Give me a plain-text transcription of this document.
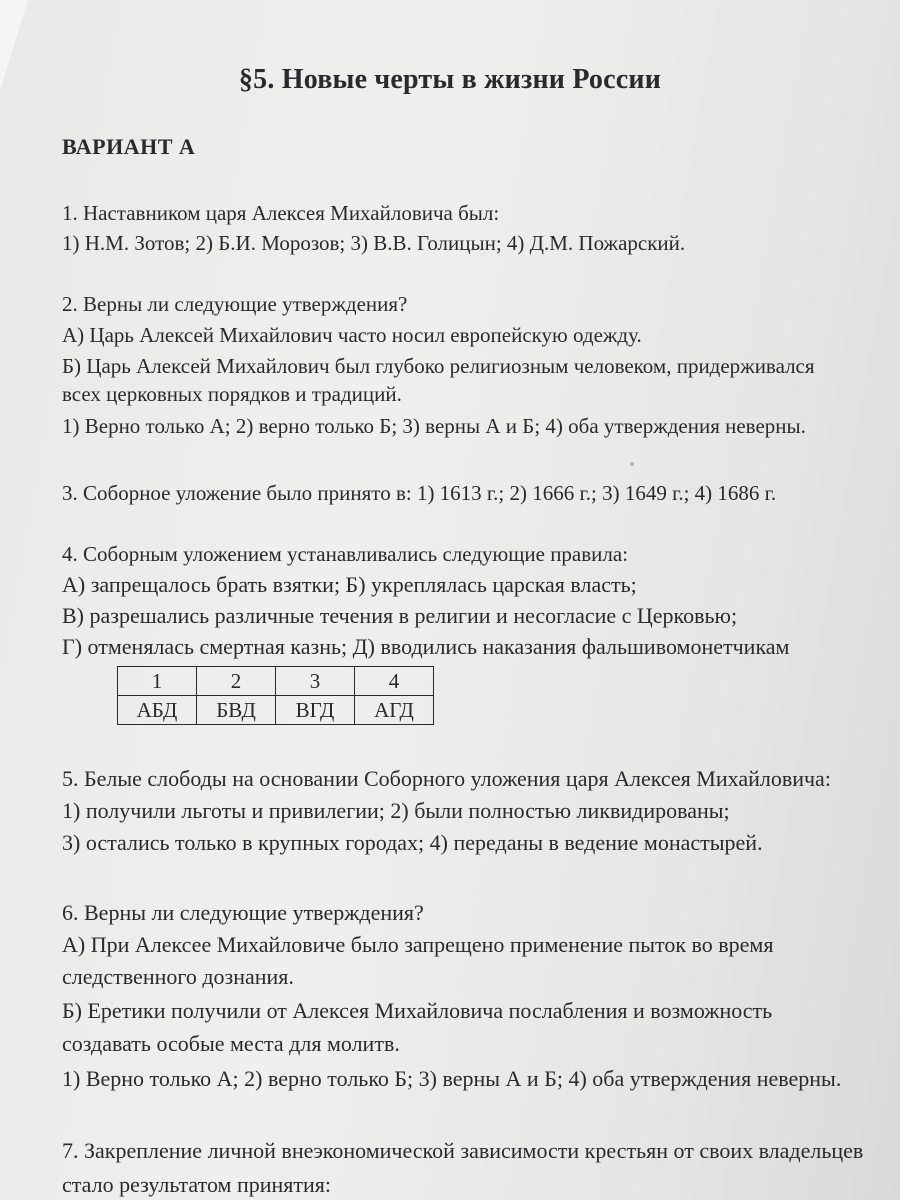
§5. Новые черты в жизни России
ВАРИАНТ А
1. Наставником царя Алексея Михайловича был:
1) Н.М. Зотов; 2) Б.И. Морозов; 3) В.В. Голицын; 4) Д.М. Пожарский.
2. Верны ли следующие утверждения?
А) Царь Алексей Михайлович часто носил европейскую одежду.
Б) Царь Алексей Михайлович был глубоко религиозным человеком, придерживался
всех церковных порядков и традиций.
1) Верно только А; 2) верно только Б; 3) верны А и Б; 4) оба утверждения неверны.
3. Соборное уложение было принято в: 1) 1613 г.; 2) 1666 г.; 3) 1649 г.; 4) 1686 г.
4. Соборным уложением устанавливались следующие правила:
А) запрещалось брать взятки; Б) укреплялась царская власть;
В) разрешались различные течения в религии и несогласие с Церковью;
Г) отменялась смертная казнь; Д) вводились наказания фальшивомонетчикам
1	2	3	4
АБД	БВД	ВГД	АГД
5. Белые слободы на основании Соборного уложения царя Алексея Михайловича:
1) получили льготы и привилегии; 2) были полностью ликвидированы;
3) остались только в крупных городах; 4) переданы в ведение монастырей.
6. Верны ли следующие утверждения?
А) При Алексее Михайловиче было запрещено применение пыток во время
следственного дознания.
Б) Еретики получили от Алексея Михайловича послабления и возможность
создавать особые места для молитв.
1) Верно только А; 2) верно только Б; 3) верны А и Б; 4) оба утверждения неверны.
7. Закрепление личной внеэкономической зависимости крестьян от своих владельцев
стало результатом принятия:
